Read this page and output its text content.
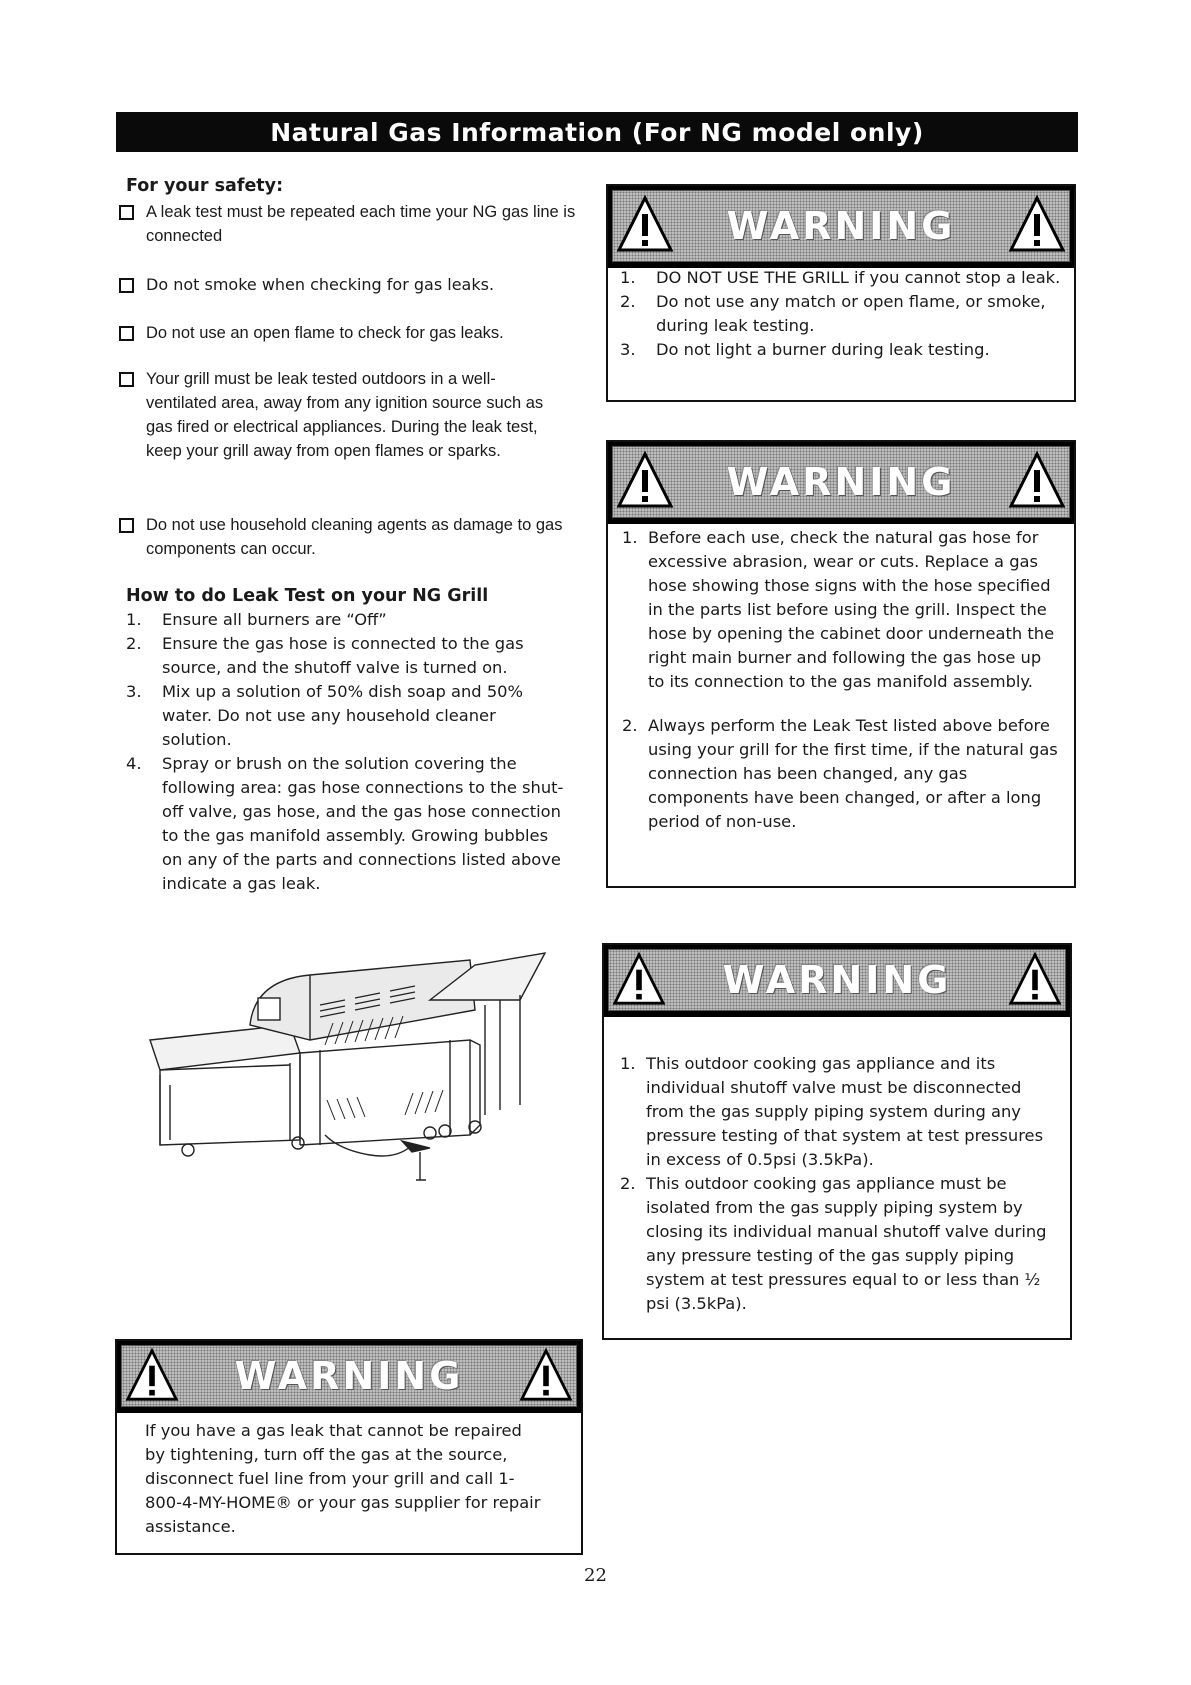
Natural Gas Information (For NG model only)
For your safety:
A leak test must be repeated each time your NG gas line is connected
Do not smoke when checking for gas leaks.
Do not use an open flame to check for gas leaks.
Your grill must be leak tested outdoors in a well-ventilated area, away from any ignition source such as gas fired or electrical appliances. During the leak test, keep your grill away from open flames or sparks.
Do not use household cleaning agents as damage to gas components can occur.
How to do Leak Test on your NG Grill
1.	Ensure all burners are “Off”
2.	Ensure the gas hose is connected to the gas source, and the shutoff valve is turned on.
3.	Mix up a solution of 50% dish soap and 50% water. Do not use any household cleaner solution.
4.	Spray or brush on the solution covering the following area: gas hose connections to the shut-off valve, gas hose, and the gas hose connection to the gas manifold assembly. Growing bubbles on any of the parts and connections listed above indicate a gas leak.
WARNING
1.	DO NOT USE THE GRILL if you cannot stop a leak.
2.	Do not use any match or open flame, or smoke, during leak testing.
3.	Do not light a burner during leak testing.
WARNING
1. Before each use, check the natural gas hose for excessive abrasion, wear or cuts. Replace a gas hose showing those signs with the hose specified in the parts list before using the grill. Inspect the hose by opening the cabinet door underneath the right main burner and following the gas hose up to its connection to the gas manifold assembly.
2. Always perform the Leak Test listed above before using your grill for the first time, if the natural gas connection has been changed, any gas components have been changed, or after a long period of non-use.
WARNING
1. This outdoor cooking gas appliance and its individual shutoff valve must be disconnected from the gas supply piping system during any pressure testing of that system at test pressures in excess of 0.5psi (3.5kPa).
2. This outdoor cooking gas appliance must be isolated from the gas supply piping system by closing its individual manual shutoff valve during any pressure testing of the gas supply piping system at test pressures equal to or less than ½ psi (3.5kPa).
WARNING
If you have a gas leak that cannot be repaired by tightening, turn off the gas at the source, disconnect fuel line from your grill and call 1-800-4-MY-HOME® or your gas supplier for repair assistance.
22
